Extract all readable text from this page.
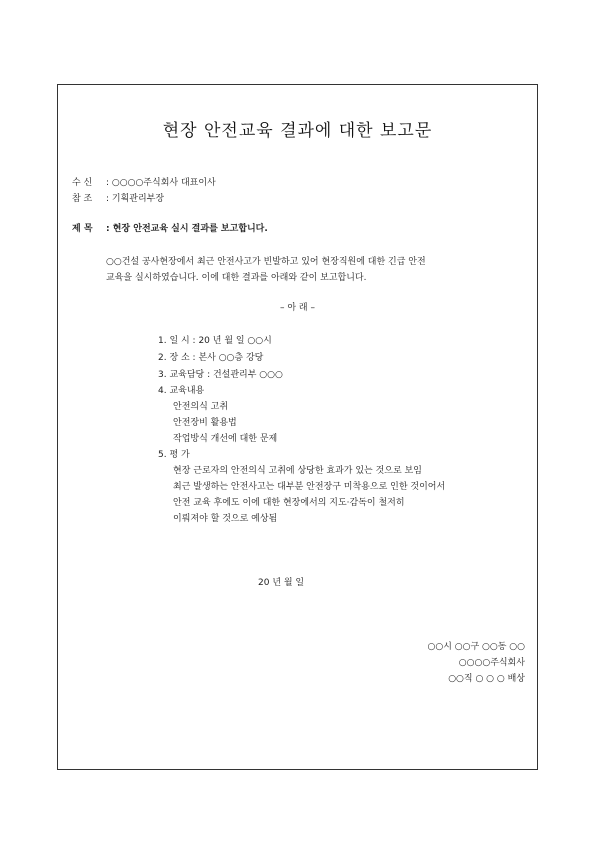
현장 안전교육 결과에 대한 보고문
수 신 : ○○○○주식회사 대표이사
참 조 : 기획관리부장
제 목 : 현장 안전교육 실시 결과를 보고합니다.
○○건설 공사현장에서 최근 안전사고가 빈발하고 있어 현장직원에 대한 긴급 안전
교육을 실시하였습니다. 이에 대한 결과를 아래와 같이 보고합니다.
– 아 래 –
1. 일 시 : 20 년 월 일 ○○시
2. 장 소 : 본사 ○○층 강당
3. 교육담당 : 건설관리부 ○○○
4. 교육내용
안전의식 고취
안전장비 활용법
작업방식 개선에 대한 문제
5. 평 가
현장 근로자의 안전의식 고취에 상당한 효과가 있는 것으로 보임
최근 발생하는 안전사고는 대부분 안전장구 미착용으로 인한 것이어서
안전 교육 후에도 이에 대한 현장에서의 지도·감독이 철저히
이뤄져야 할 것으로 예상됨
20 년 월 일
○○시 ○○구 ○○동 ○○
○○○○주식회사
○○직 ○ ○ ○ 배상
